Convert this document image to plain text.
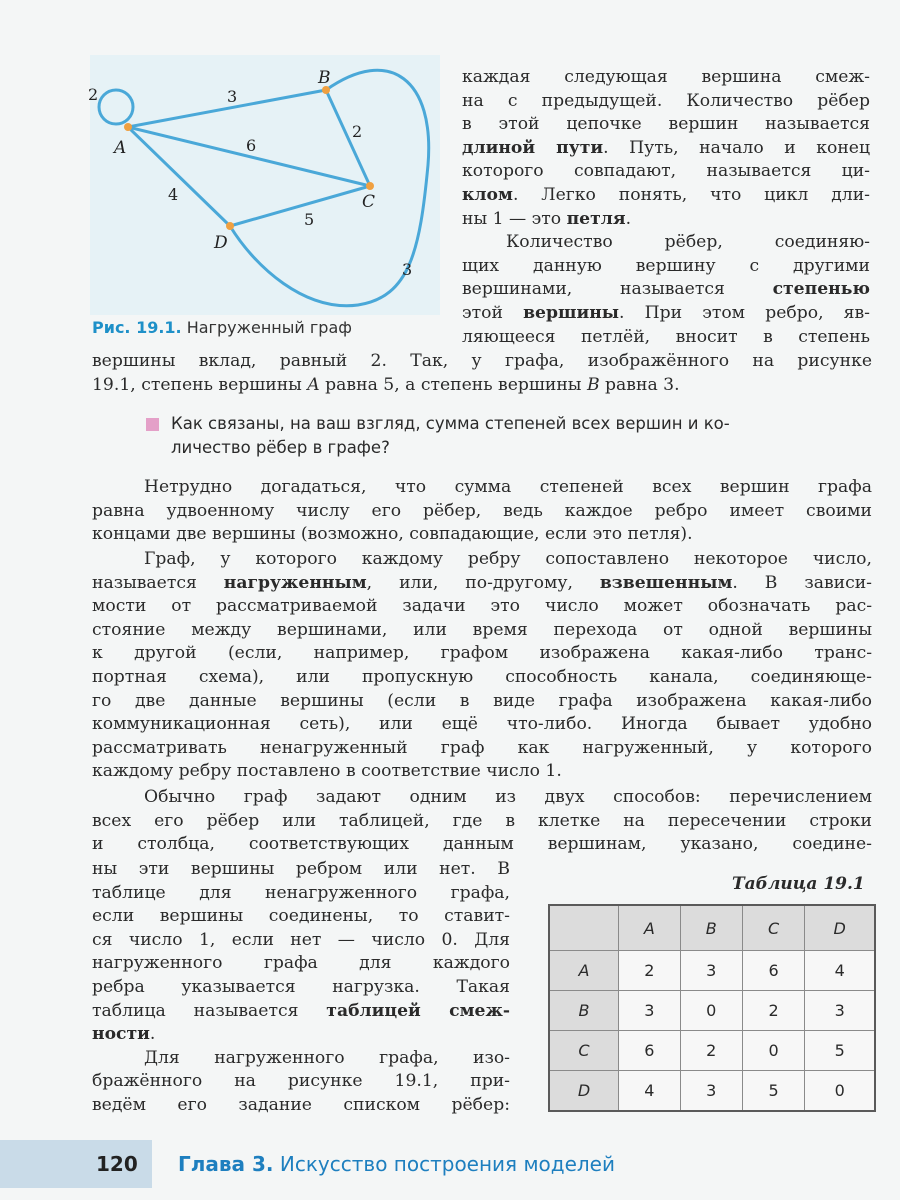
A
B
C
D
2	3
6
2
4
5
3
Рис. 19.1. Нагруженный граф
каждая следующая вершина смеж-
на с предыдущей. Количество рёбер
в этой цепочке вершин называется
длиной пути. Путь, начало и конец
которого совпадают, называется ци-
клом. Легко понять, что цикл дли-
ны 1 — это петля.
Количество рёбер, соединяю-
щих данную вершину с другими
вершинами, называется степенью
этой вершины. При этом ребро, яв-
ляющееся петлёй, вносит в степень
вершины вклад, равный 2. Так, у графа, изображённого на рисунке
19.1, степень вершины A равна 5, а степень вершины B равна 3.
Как связаны, на ваш взгляд, сумма степеней всех вершин и ко-
личество рёбер в графе?
Нетрудно догадаться, что сумма степеней всех вершин графа
равна удвоенному числу его рёбер, ведь каждое ребро имеет своими
концами две вершины (возможно, совпадающие, если это петля).
Граф, у которого каждому ребру сопоставлено некоторое число,
называется нагруженным, или, по-другому, взвешенным. В зависи-
мости от рассматриваемой задачи это число может обозначать рас-
стояние между вершинами, или время перехода от одной вершины
к другой (если, например, графом изображена какая-либо транс-
портная схема), или пропускную способность канала, соединяюще-
го две данные вершины (если в виде графа изображена какая-либо
коммуникационная сеть), или ещё что-либо. Иногда бывает удобно
рассматривать ненагруженный граф как нагруженный, у которого
каждому ребру поставлено в соответствие число 1.
Обычно граф задают одним из двух способов: перечислением
всех его рёбер или таблицей, где в клетке на пересечении строки
и столбца, соответствующих данным вершинам, указано, соедине-
ны эти вершины ребром или нет. В
таблице для ненагруженного графа,
если вершины соединены, то ставит-
ся число 1, если нет — число 0. Для
нагруженного графа для каждого
ребра указывается нагрузка. Такая
таблица называется таблицей смеж-
ности.
Для нагруженного графа, изо-
бражённого на рисунке 19.1, при-
ведём его задание списком рёбер:
Таблица 19.1
	A	B	C	D
A	2	3	6	4
B	3	0	2	3
C	6	2	0	5
D	4	3	5	0
120 Глава 3. Искусство построения моделей
